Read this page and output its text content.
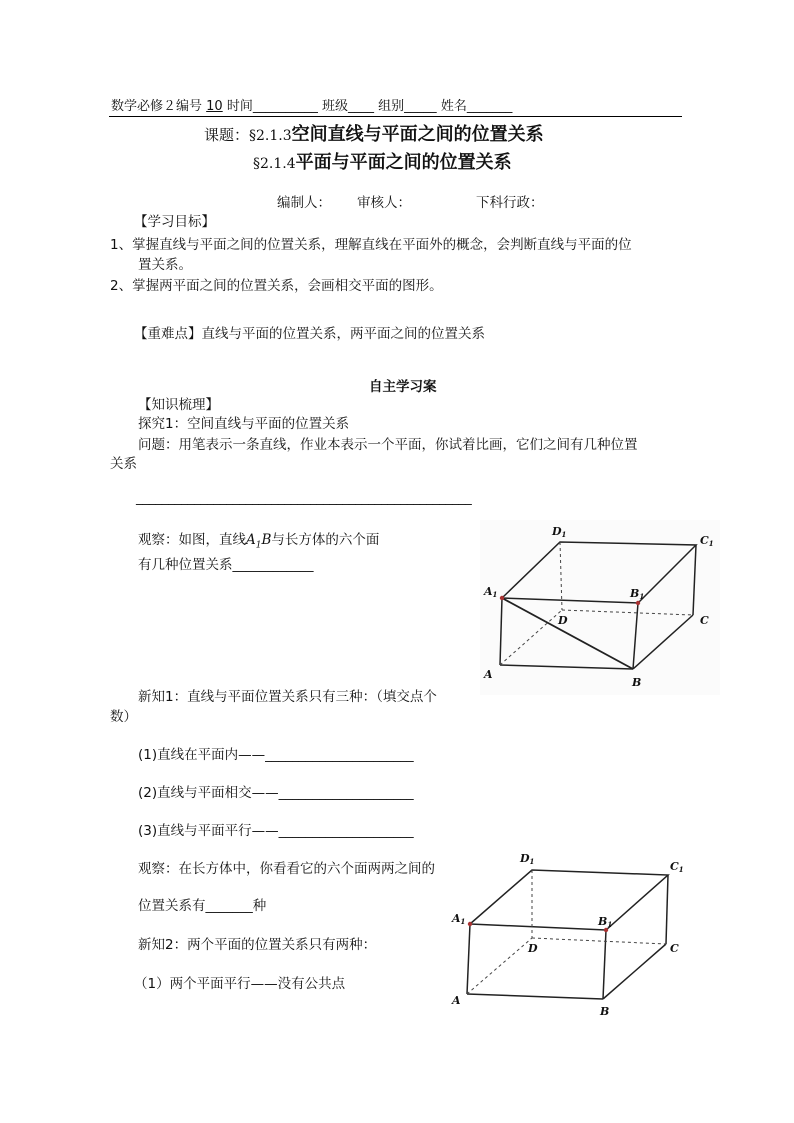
数学必修２编号 10 时间__________ 班级____ 组别_____ 姓名_______
课题：§2.1.3空间直线与平面之间的位置关系
§2.1.4平面与平面之间的位置关系
编制人： 审核人：	下科行政：
【学习目标】
1、掌握直线与平面之间的位置关系，理解直线在平面外的概念，会判断直线与平面的位
置关系。
2、掌握两平面之间的位置关系，会画相交平面的图形。
【重难点】直线与平面的位置关系，两平面之间的位置关系
自主学习案
【知识梳理】
探究1：空间直线与平面的位置关系
问题：用笔表示一条直线，作业本表示一个平面，你试着比画，它们之间有几种位置
关系
____________________________________________________
观察：如图，直线$A_1B$与长方体的六个面
有几种位置关系____________
新知1：直线与平面位置关系只有三种：（填交点个
数）
(1)直线在平面内——______________________
(2)直线与平面相交——____________________
(3)直线与平面平行——____________________
观察：在长方体中，你看看它的六个面两两之间的
位置关系有_______种
新知2：两个平面的位置关系只有两种：
（1）两个平面平行——没有公共点
D1	C1
A1	B1
D	C
A
B
D1	C1
A1	B1
D	C
A
B
